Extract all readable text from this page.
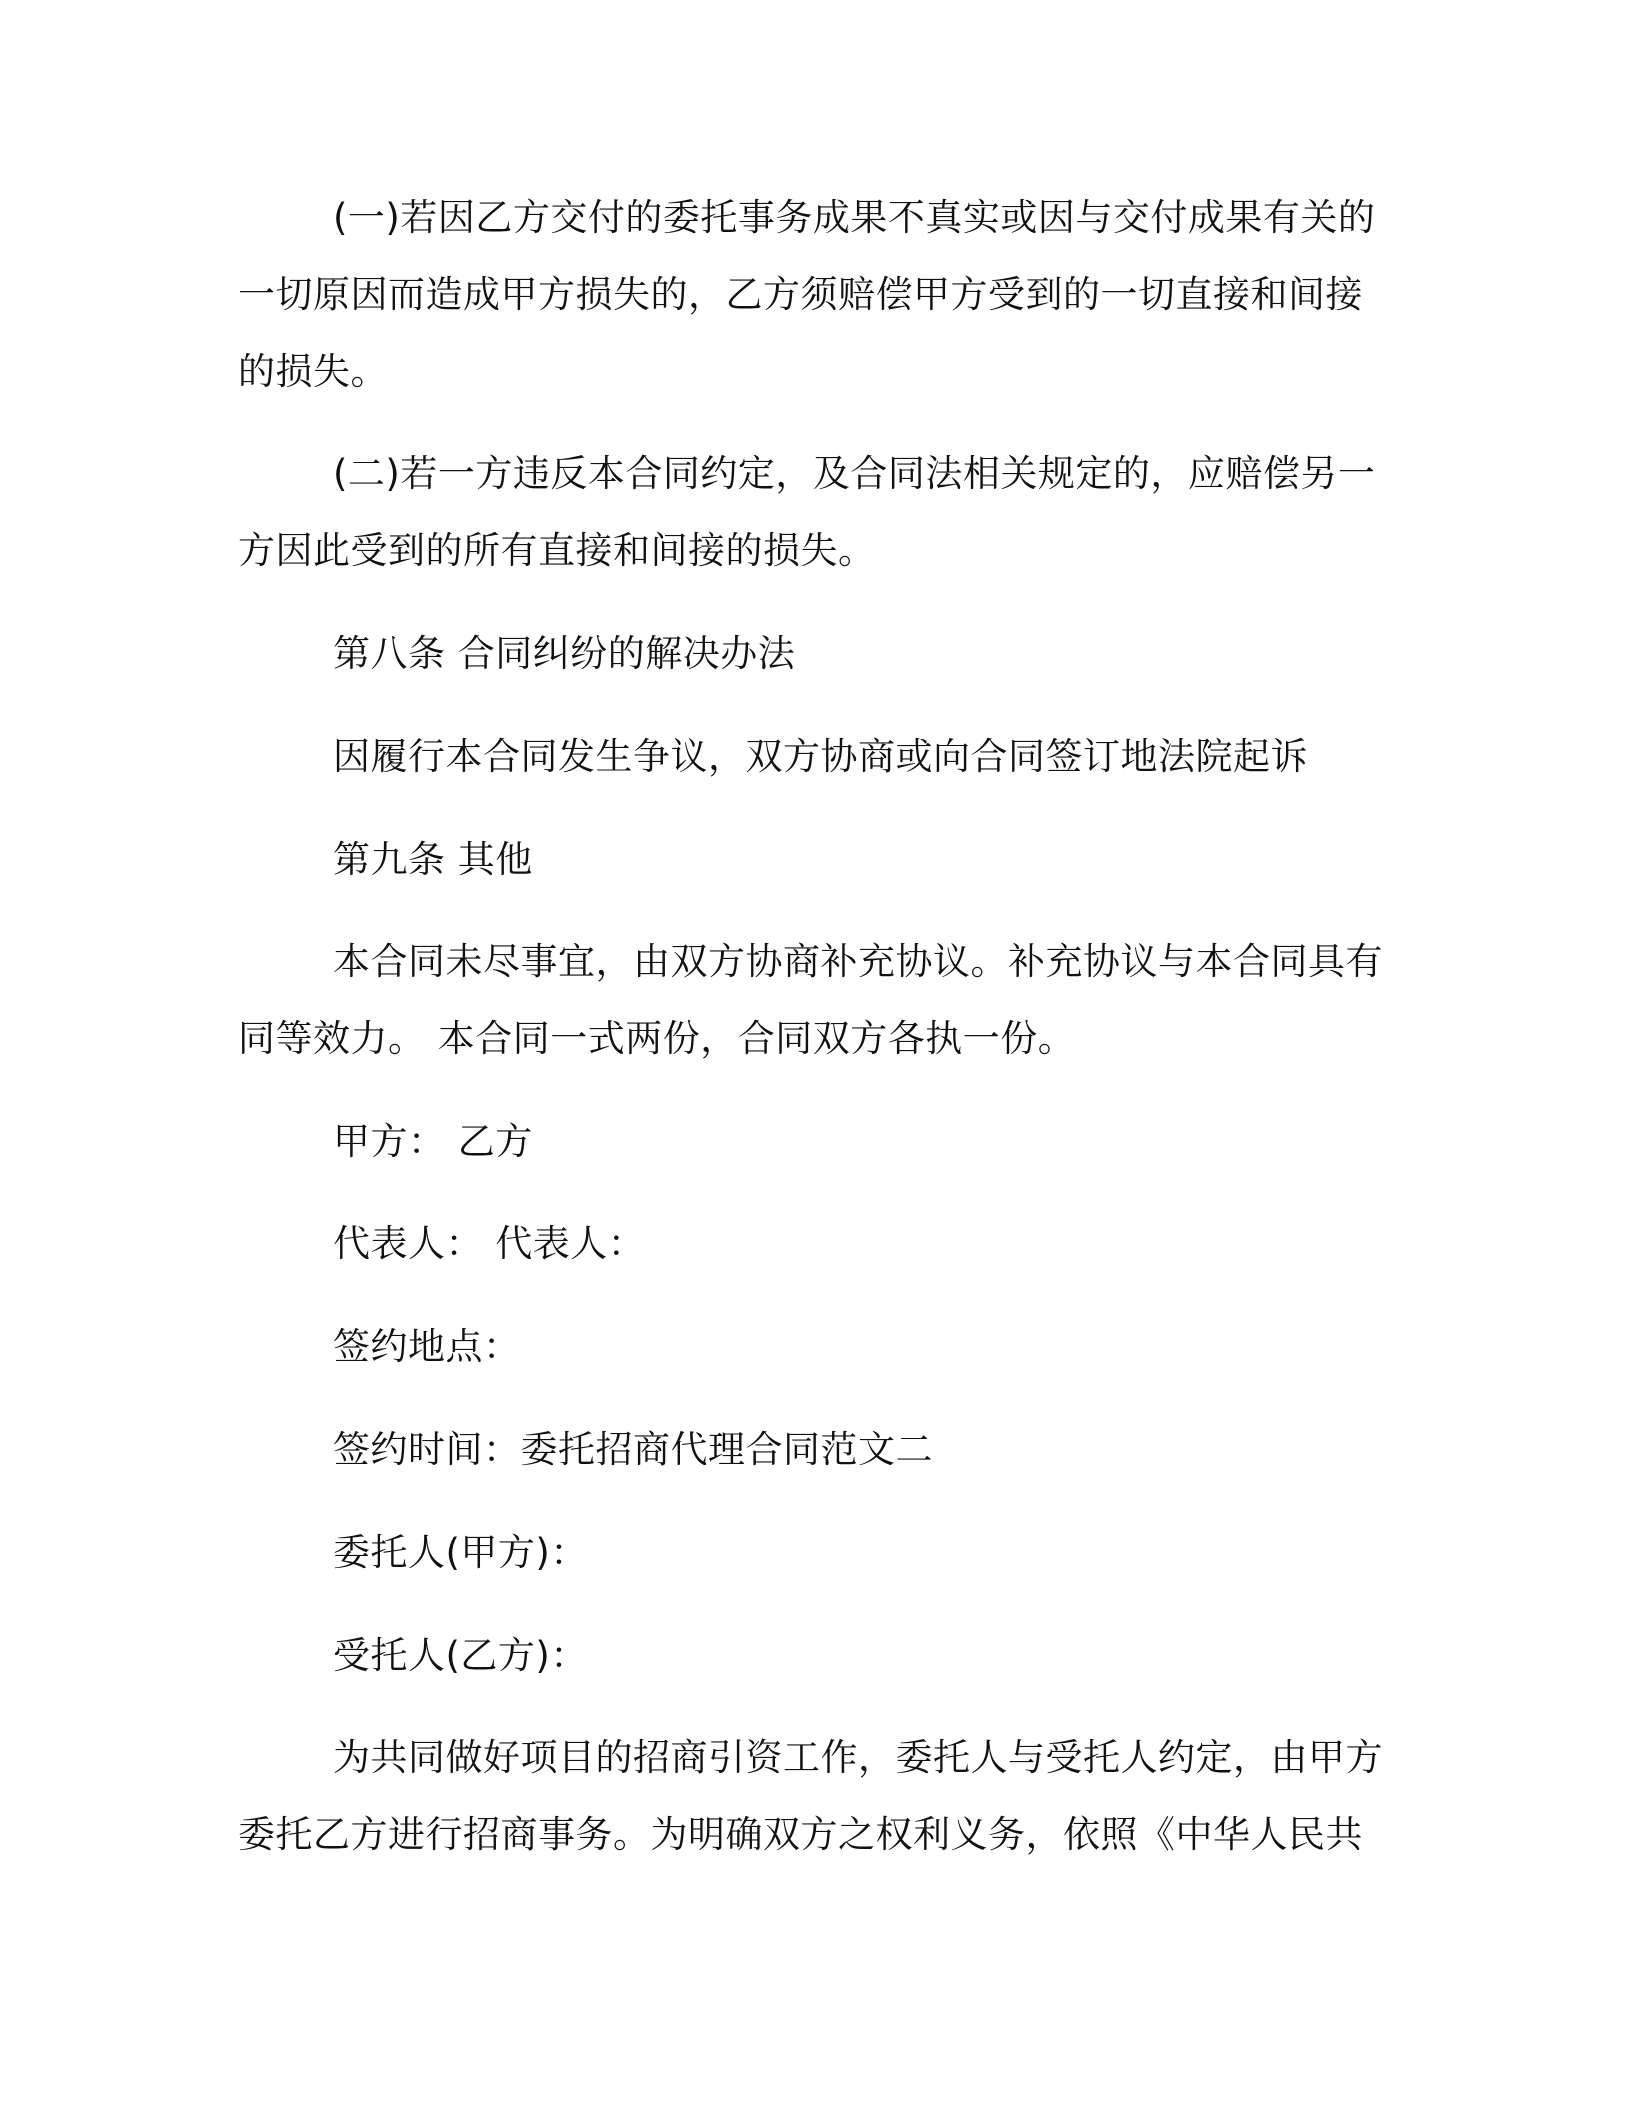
(一)若因乙方交付的委托事务成果不真实或因与交付成果有关的
一切原因而造成甲方损失的，乙方须赔偿甲方受到的一切直接和间接
的损失。
(二)若一方违反本合同约定，及合同法相关规定的，应赔偿另一
方因此受到的所有直接和间接的损失。
第八条 合同纠纷的解决办法
因履行本合同发生争议，双方协商或向合同签订地法院起诉
第九条 其他
本合同未尽事宜，由双方协商补充协议。补充协议与本合同具有
同等效力。 本合同一式两份，合同双方各执一份。
甲方： 乙方
代表人： 代表人：
签约地点：
签约时间：委托招商代理合同范文二
委托人(甲方)：
受托人(乙方)：
为共同做好项目的招商引资工作，委托人与受托人约定，由甲方
委托乙方进行招商事务。为明确双方之权利义务，依照《中华人民共
